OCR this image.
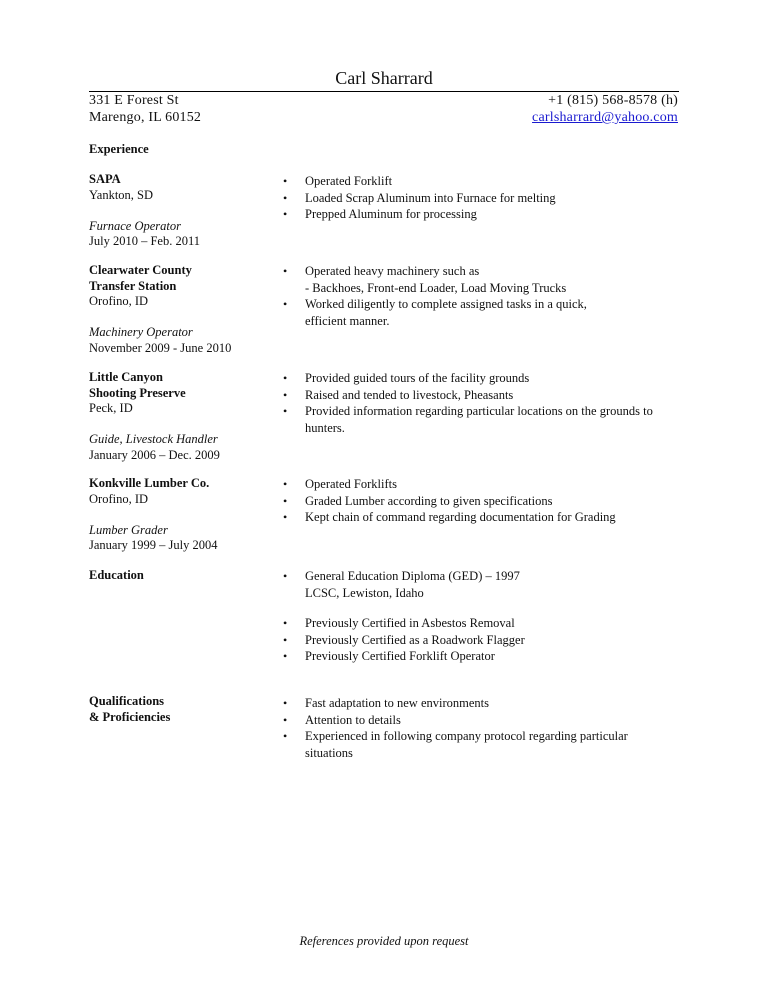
Carl Sharrard
331 E Forest St
Marengo, IL 60152
+1 (815) 568-8578 (h)
carlsharrard@yahoo.com
Experience
SAPA
Yankton, SD
Furnace Operator
July 2010 – Feb. 2011
• Operated Forklift
• Loaded Scrap Aluminum into Furnace for melting
• Prepped Aluminum for processing
Clearwater County
Transfer Station
Orofino, ID
Machinery Operator
November 2009 - June 2010
• Operated heavy machinery such as
- Backhoes, Front-end Loader, Load Moving Trucks
• Worked diligently to complete assigned tasks in a quick,
efficient manner.
Little Canyon
Shooting Preserve
Peck, ID
Guide, Livestock Handler
January 2006 – Dec. 2009
• Provided guided tours of the facility grounds
• Raised and tended to livestock, Pheasants
• Provided information regarding particular locations on the grounds to
hunters.
Konkville Lumber Co.
Orofino, ID
Lumber Grader
January 1999 – July 2004
• Operated Forklifts
• Graded Lumber according to given specifications
• Kept chain of command regarding documentation for Grading
Education
•	General Education Diploma (GED) – 1997
LCSC, Lewiston, Idaho
• Previously Certified in Asbestos Removal
• Previously Certified as a Roadwork Flagger
• Previously Certified Forklift Operator
Qualifications
& Proficiencies
• Fast adaptation to new environments
• Attention to details
• Experienced in following company protocol regarding particular
situations
References provided upon request
